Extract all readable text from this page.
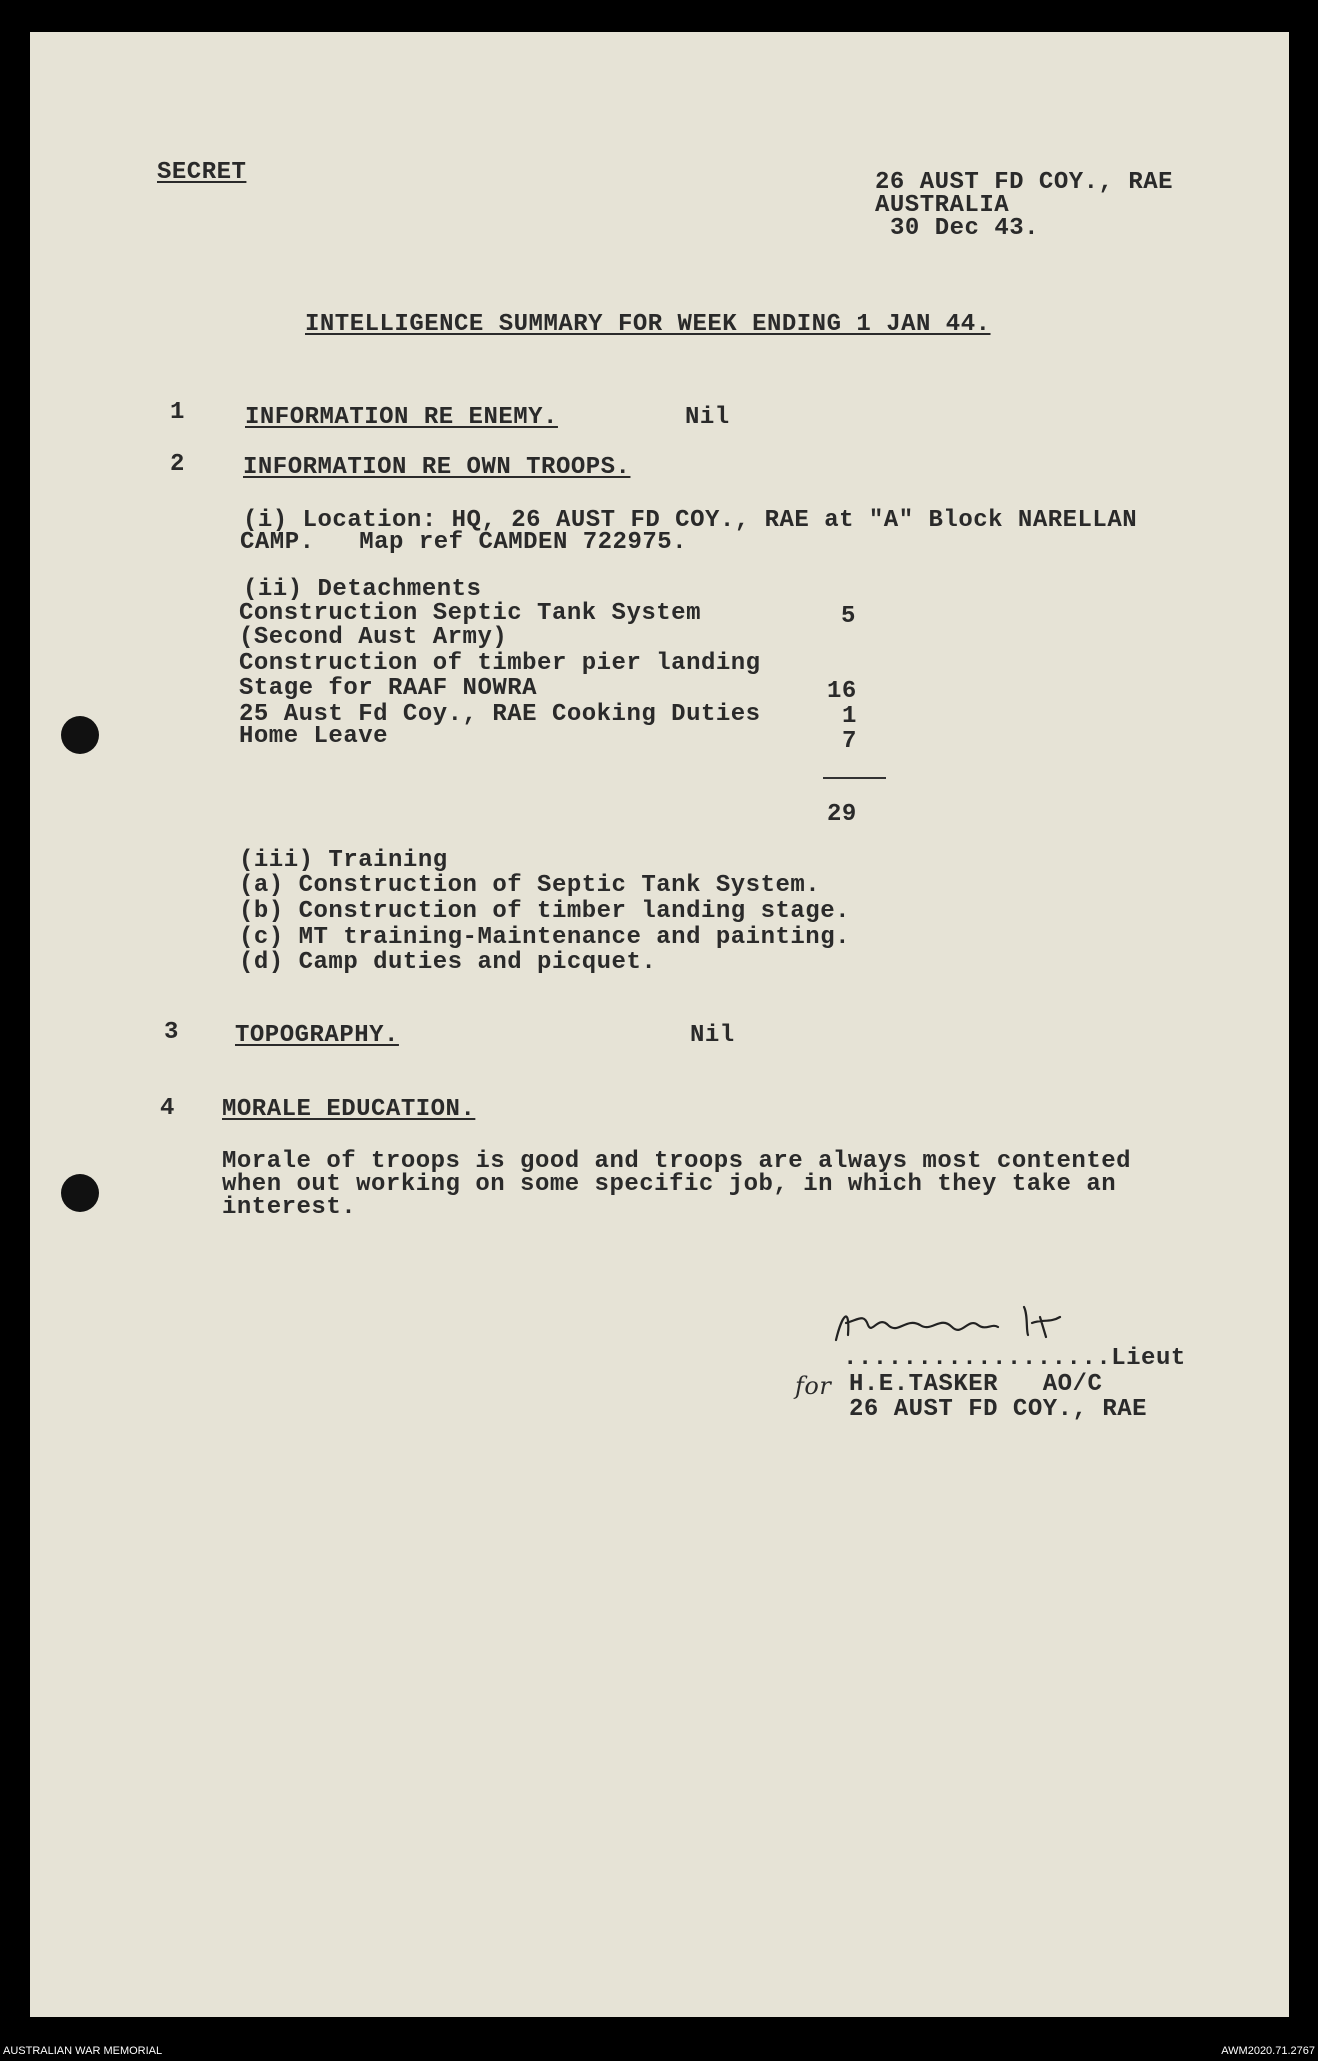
SECRET	26 AUST FD COY., RAE
AUSTRALIA
30 Dec 43.
INTELLIGENCE SUMMARY FOR WEEK ENDING 1 JAN 44.
1	INFORMATION RE ENEMY.	Nil
2 INFORMATION RE OWN TROOPS.
(i) Location: HQ, 26 AUST FD COY., RAE at "A" Block NARELLAN
CAMP.   Map ref CAMDEN 722975.
(ii) Detachments
Construction Septic Tank System	5
(Second Aust Army)
Construction of timber pier landing
Stage for RAAF NOWRA	16
25 Aust Fd Coy., RAE Cooking Duties	1
Home Leave	7
29
(iii) Training
(a) Construction of Septic Tank System.
(b) Construction of timber landing stage.
(c) MT training-Maintenance and painting.
(d) Camp duties and picquet.
3 TOPOGRAPHY.	Nil
4 MORALE EDUCATION.
Morale of troops is good and troops are always most contented
when out working on some specific job, in which they take an
interest.
..................Lieut
for H.E.TASKER   AO/C
26 AUST FD COY., RAE
AUSTRALIAN WAR MEMORIAL	AWM2020.71.2767
